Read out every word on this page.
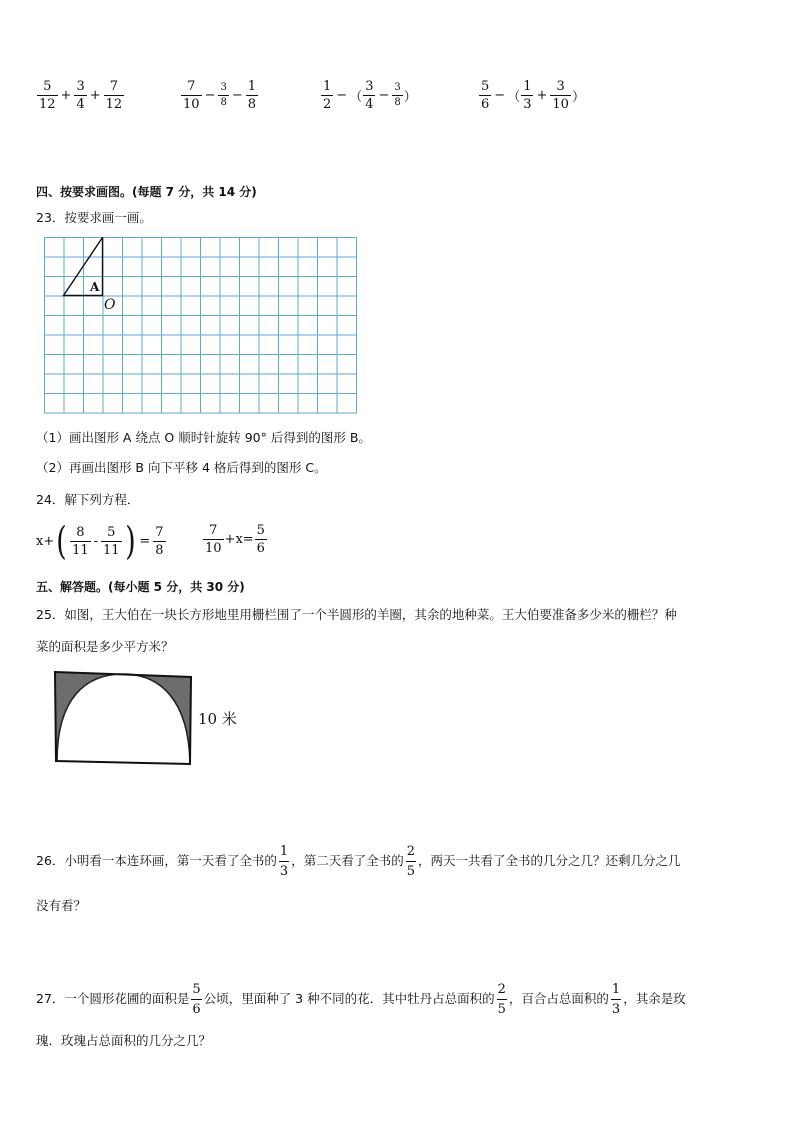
$\frac{5}{12} + \frac{3}{4} + \frac{7}{12}$	$\frac{7}{10} - \frac{3}{8} - \frac{1}{8}$	$\frac{1}{2}$ − （ $\frac{3}{4} - \frac{3}{8}$ ）	$\frac{5}{6}$ − （ $\frac{1}{3} + \frac{3}{10}$ ）
四、按要求画图。(每题 7 分，共 14 分)
23．按要求画一画。
A
O
（1）画出图形 A 绕点 O 顺时针旋转 90° 后得到的图形 B。
（2）再画出图形 B 向下平移 4 格后得到的图形 C。
24．解下列方程．
x+ ( $\frac{8}{11} - \frac{5}{11}$ ) = $\frac{7}{8}$	$\frac{7}{10} +x= \frac{5}{6}$
五、解答题。(每小题 5 分，共 30 分)
25．如图，王大伯在一块长方形地里用栅栏围了一个半圆形的羊圈，其余的地种菜。王大伯要准备多少米的栅栏？种
菜的面积是多少平方米？
10 米
26．小明看一本连环画，第一天看了全书的 $\frac{1}{3}$ ，第二天看了全书的 $\frac{2}{5}$ ，两天一共看了全书的几分之几？还剩几分之几
没有看？
27．一个圆形花圃的面积是 $\frac{5}{6}$ 公顷，里面种了 3 种不同的花．其中牡丹占总面积的 $\frac{2}{5}$ ，百合占总面积的 $\frac{1}{3}$ ，其余是玫
瑰．玫瑰占总面积的几分之几？
